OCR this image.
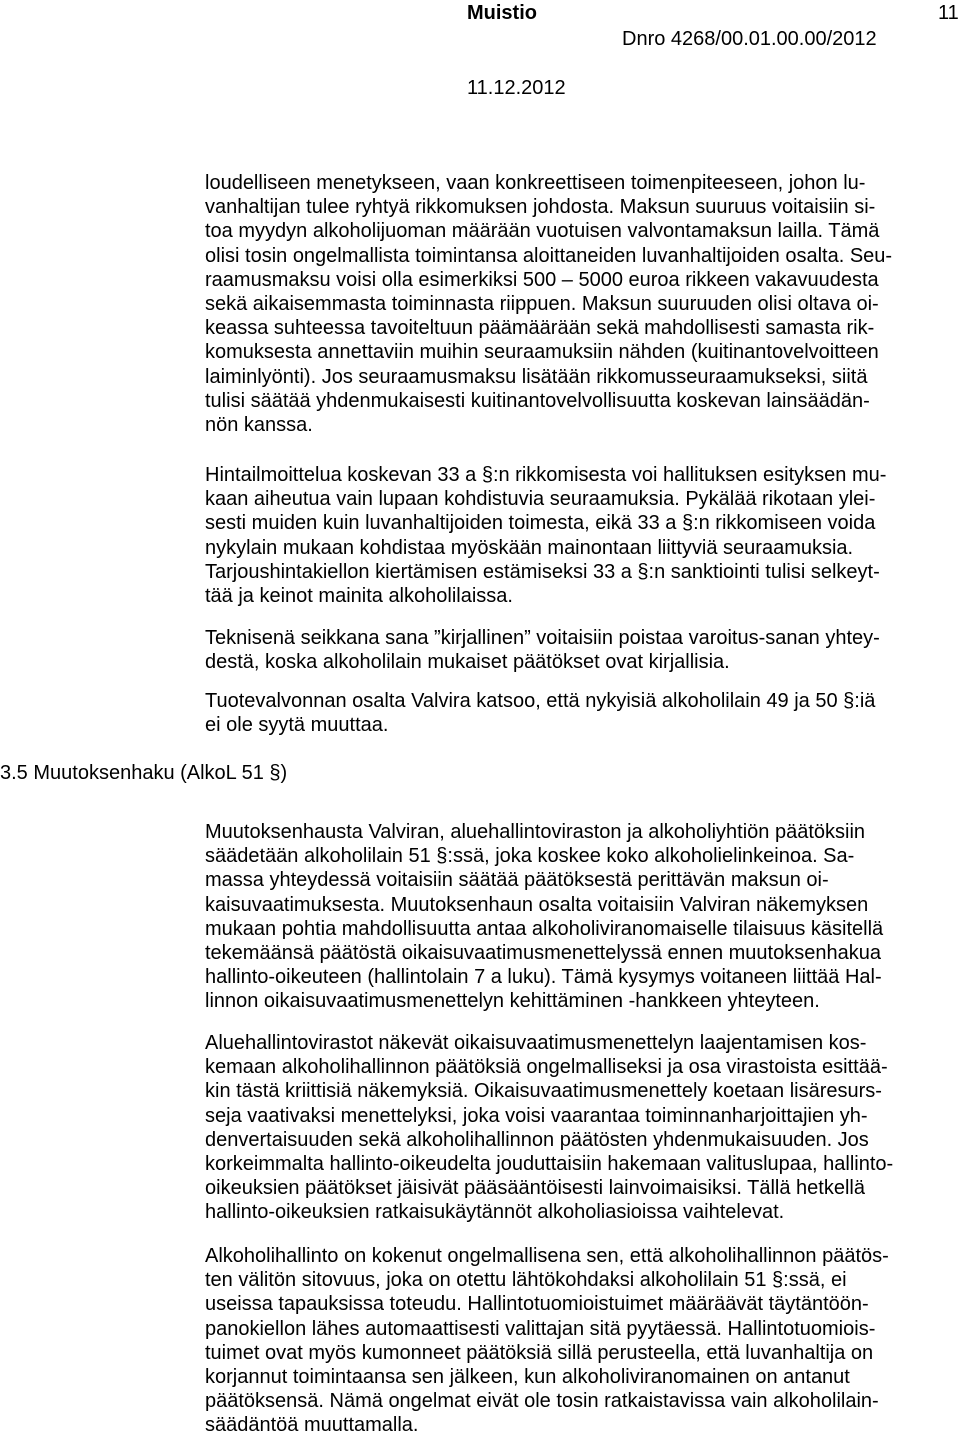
Muistio	11
Dnro 4268/00.01.00.00/2012
11.12.2012
3.5 Muutoksenhaku (AlkoL 51 §)
loudelliseen menetykseen, vaan konkreettiseen toimenpiteeseen, johon lu-
vanhaltijan tulee ryhtyä rikkomuksen johdosta. Maksun suuruus voitaisiin si-
toa myydyn alkoholijuoman määrään vuotuisen valvontamaksun lailla. Tämä
olisi tosin ongelmallista toimintansa aloittaneiden luvanhaltijoiden osalta. Seu-
raamusmaksu voisi olla esimerkiksi 500 – 5000 euroa rikkeen vakavuudesta
sekä aikaisemmasta toiminnasta riippuen. Maksun suuruuden olisi oltava oi-
keassa suhteessa tavoiteltuun päämäärään sekä mahdollisesti samasta rik-
komuksesta annettaviin muihin seuraamuksiin nähden (kuitinantovelvoitteen
laiminlyönti). Jos seuraamusmaksu lisätään rikkomusseuraamukseksi, siitä
tulisi säätää yhdenmukaisesti kuitinantovelvollisuutta koskevan lainsäädän-
nön kanssa.
Hintailmoittelua koskevan 33 a §:n rikkomisesta voi hallituksen esityksen mu-
kaan aiheutua vain lupaan kohdistuvia seuraamuksia. Pykälää rikotaan ylei-
sesti muiden kuin luvanhaltijoiden toimesta, eikä 33 a §:n rikkomiseen voida
nykylain mukaan kohdistaa myöskään mainontaan liittyviä seuraamuksia.
Tarjoushintakiellon kiertämisen estämiseksi 33 a §:n sanktiointi tulisi selkeyt-
tää ja keinot mainita alkoholilaissa.
Teknisenä seikkana sana ”kirjallinen” voitaisiin poistaa varoitus-sanan yhtey-
destä, koska alkoholilain mukaiset päätökset ovat kirjallisia.
Tuotevalvonnan osalta Valvira katsoo, että nykyisiä alkoholilain 49 ja 50 §:iä
ei ole syytä muuttaa.
Muutoksenhausta Valviran, aluehallintoviraston ja alkoholiyhtiön päätöksiin
säädetään alkoholilain 51 §:ssä, joka koskee koko alkoholielinkeinoa. Sa-
massa yhteydessä voitaisiin säätää päätöksestä perittävän maksun oi-
kaisuvaatimuksesta. Muutoksenhaun osalta voitaisiin Valviran näkemyksen
mukaan pohtia mahdollisuutta antaa alkoholiviranomaiselle tilaisuus käsitellä
tekemäänsä päätöstä oikaisuvaatimusmenettelyssä ennen muutoksenhakua
hallinto-oikeuteen (hallintolain 7 a luku). Tämä kysymys voitaneen liittää Hal-
linnon oikaisuvaatimusmenettelyn kehittäminen -hankkeen yhteyteen.
Aluehallintovirastot näkevät oikaisuvaatimusmenettelyn laajentamisen kos-
kemaan alkoholihallinnon päätöksiä ongelmalliseksi ja osa virastoista esittää-
kin tästä kriittisiä näkemyksiä. Oikaisuvaatimusmenettely koetaan lisäresurs-
seja vaativaksi menettelyksi, joka voisi vaarantaa toiminnanharjoittajien yh-
denvertaisuuden sekä alkoholihallinnon päätösten yhdenmukaisuuden. Jos
korkeimmalta hallinto-oikeudelta jouduttaisiin hakemaan valituslupaa, hallinto-
oikeuksien päätökset jäisivät pääsääntöisesti lainvoimaisiksi. Tällä hetkellä
hallinto-oikeuksien ratkaisukäytännöt alkoholiasioissa vaihtelevat.
Alkoholihallinto on kokenut ongelmallisena sen, että alkoholihallinnon päätös-
ten välitön sitovuus, joka on otettu lähtökohdaksi alkoholilain 51 §:ssä, ei
useissa tapauksissa toteudu. Hallintotuomioistuimet määräävät täytäntöön-
panokiellon lähes automaattisesti valittajan sitä pyytäessä. Hallintotuomiois-
tuimet ovat myös kumonneet päätöksiä sillä perusteella, että luvanhaltija on
korjannut toimintaansa sen jälkeen, kun alkoholiviranomainen on antanut
päätöksensä. Nämä ongelmat eivät ole tosin ratkaistavissa vain alkoholilain-
säädäntöä muuttamalla.
